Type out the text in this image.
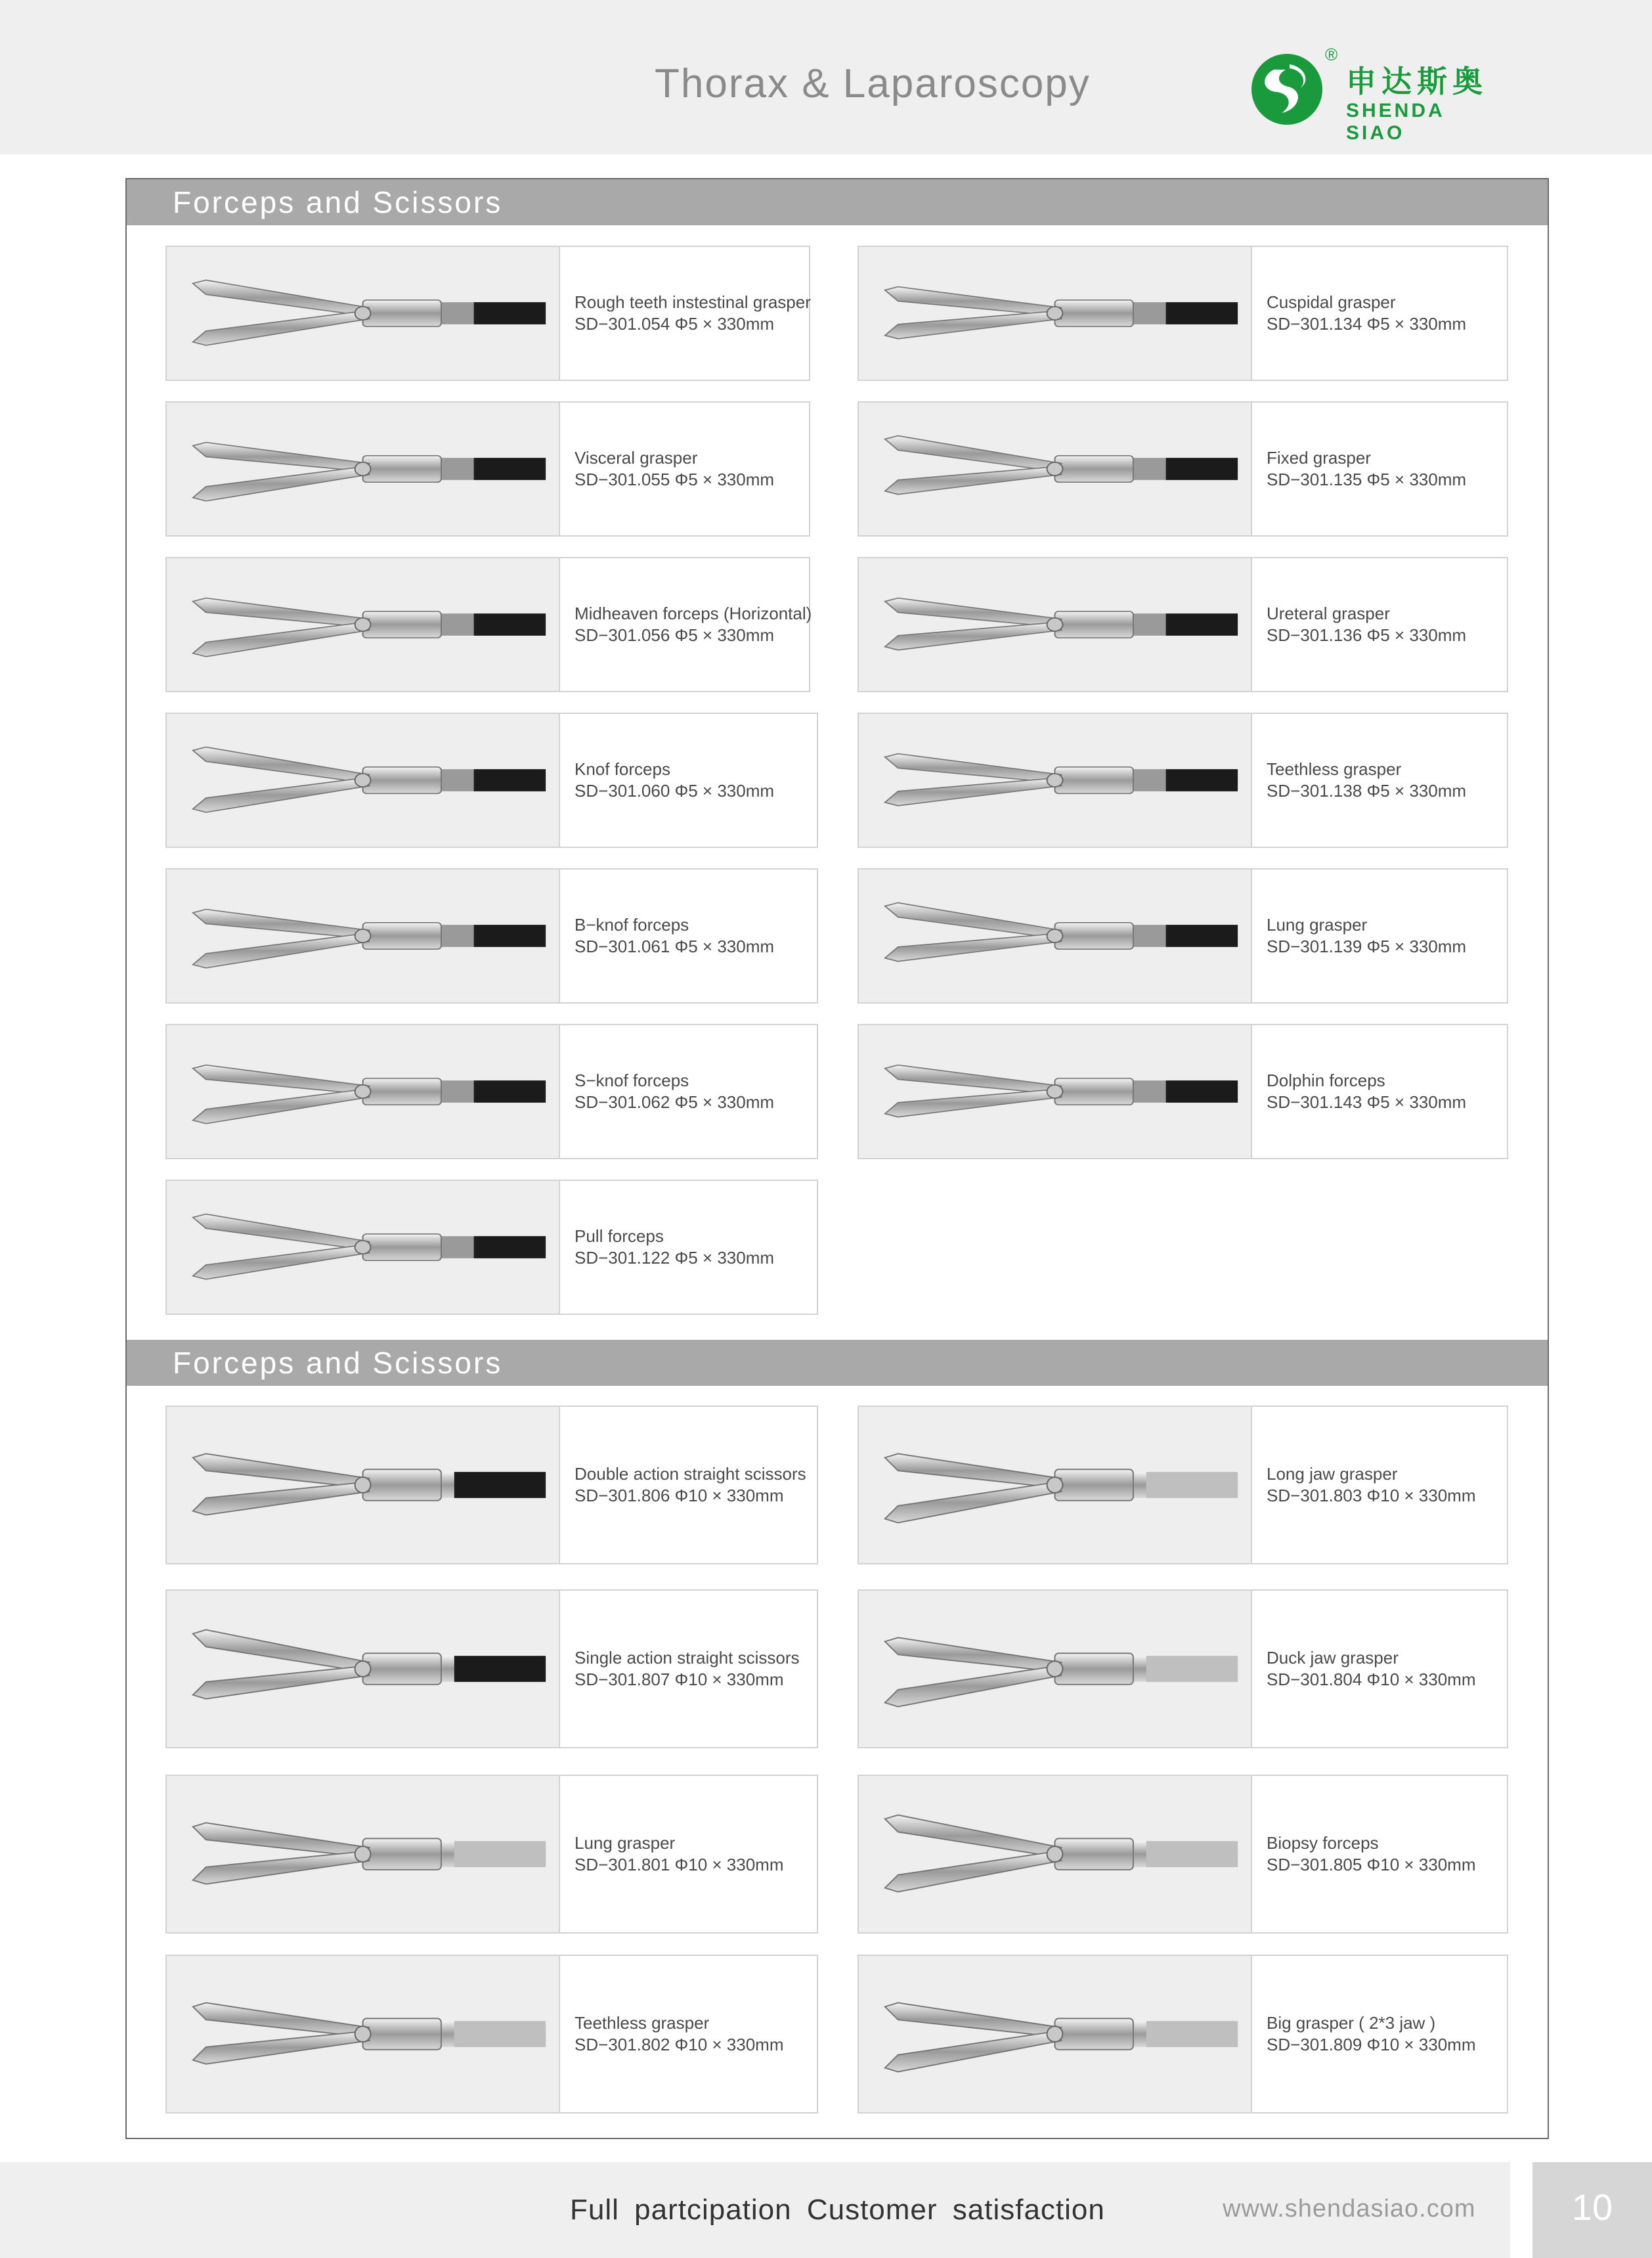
Thorax & Laparoscopy
®
申达斯奥
SHENDA SIAO
Forceps and Scissors
Forceps and Scissors
Rough teeth instestinal grasper
SD−301.054 Φ5 × 330mm
Cuspidal grasper
SD−301.134 Φ5 × 330mm
Visceral grasper
SD−301.055 Φ5 × 330mm
Fixed grasper
SD−301.135 Φ5 × 330mm
Midheaven forceps (Horizontal)
SD−301.056 Φ5 × 330mm
Ureteral grasper
SD−301.136 Φ5 × 330mm
Knof forceps
SD−301.060 Φ5 × 330mm
Teethless grasper
SD−301.138 Φ5 × 330mm
B−knof forceps
SD−301.061 Φ5 × 330mm
Lung grasper
SD−301.139 Φ5 × 330mm
S−knof forceps
SD−301.062 Φ5 × 330mm
Dolphin forceps
SD−301.143 Φ5 × 330mm
Pull forceps
SD−301.122 Φ5 × 330mm
Double action straight scissors
SD−301.806 Φ10 × 330mm
Long jaw grasper
SD−301.803 Φ10 × 330mm
Single action straight scissors
SD−301.807 Φ10 × 330mm
Duck jaw grasper
SD−301.804 Φ10 × 330mm
Lung grasper
SD−301.801 Φ10 × 330mm
Biopsy forceps
SD−301.805 Φ10 × 330mm
Teethless grasper
SD−301.802 Φ10 × 330mm
Big grasper ( 2*3 jaw )
SD−301.809 Φ10 × 330mm
Full partcipation Customer satisfaction	www.shendasiao.com	10
